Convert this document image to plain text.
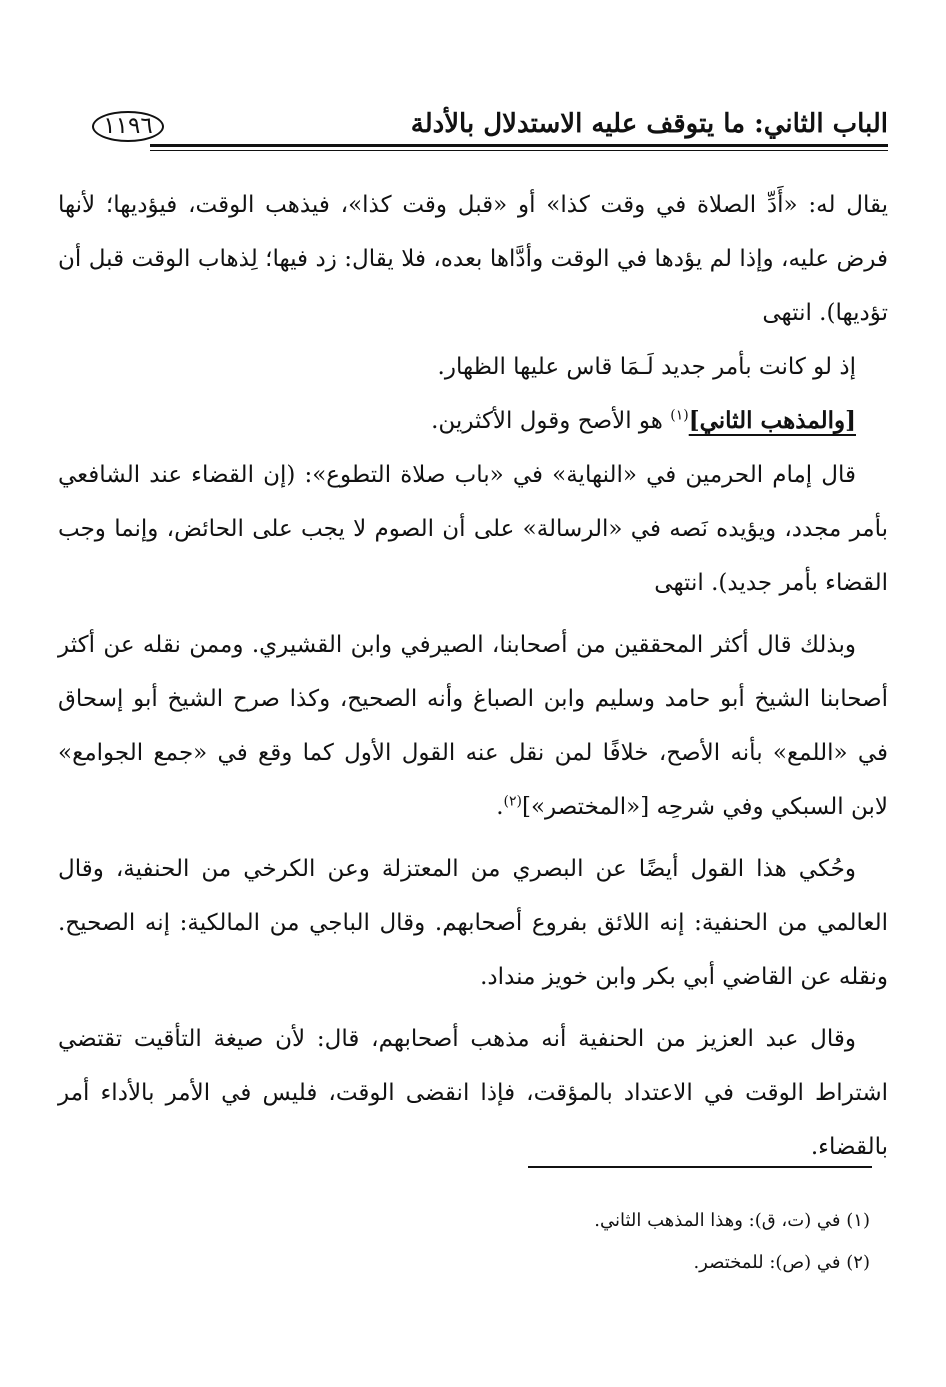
١١٩٦	الباب الثاني: ما يتوقف عليه الاستدلال بالأدلة

يقال له: «أَدِّ الصلاة في وقت كذا» أو «قبل وقت كذا»، فيذهب الوقت، فيؤديها؛ لأنها فرض عليه، وإذا لم يؤدها في الوقت وأدَّاها بعده، فلا يقال: زد فيها؛ لِذهاب الوقت قبل أن تؤديها). انتهى

إذ لو كانت بأمر جديد لَـمَا قاس عليها الظهار.

[والمذهب الثاني]$^{(١)}$ هو الأصح وقول الأكثرين.

قال إمام الحرمين في «النهاية» في «باب صلاة التطوع»: (إن القضاء عند الشافعي بأمر مجدد، ويؤيده نَصه في «الرسالة» على أن الصوم لا يجب على الحائض، وإنما وجب القضاء بأمر جديد). انتهى

وبذلك قال أكثر المحققين من أصحابنا، الصيرفي وابن القشيري. وممن نقله عن أكثر أصحابنا الشيخ أبو حامد وسليم وابن الصباغ وأنه الصحيح، وكذا صرح الشيخ أبو إسحاق في «اللمع» بأنه الأصح، خلافًا لمن نقل عنه القول الأول كما وقع في «جمع الجوامع» لابن السبكي وفي شرحِه [«المختصر»]$^{(٢)}$.

وحُكي هذا القول أيضًا عن البصري من المعتزلة وعن الكرخي من الحنفية، وقال العالمي من الحنفية: إنه اللائق بفروع أصحابهم. وقال الباجي من المالكية: إنه الصحيح. ونقله عن القاضي أبي بكر وابن خويز منداد.

وقال عبد العزيز من الحنفية أنه مذهب أصحابهم، قال: لأن صيغة التأقيت تقتضي اشتراط الوقت في الاعتداد بالمؤقت، فإذا انقضى الوقت، فليس في الأمر بالأداء أمر بالقضاء.

(١) في (ت، ق): وهذا المذهب الثاني.

(٢) في (ص): للمختصر.
